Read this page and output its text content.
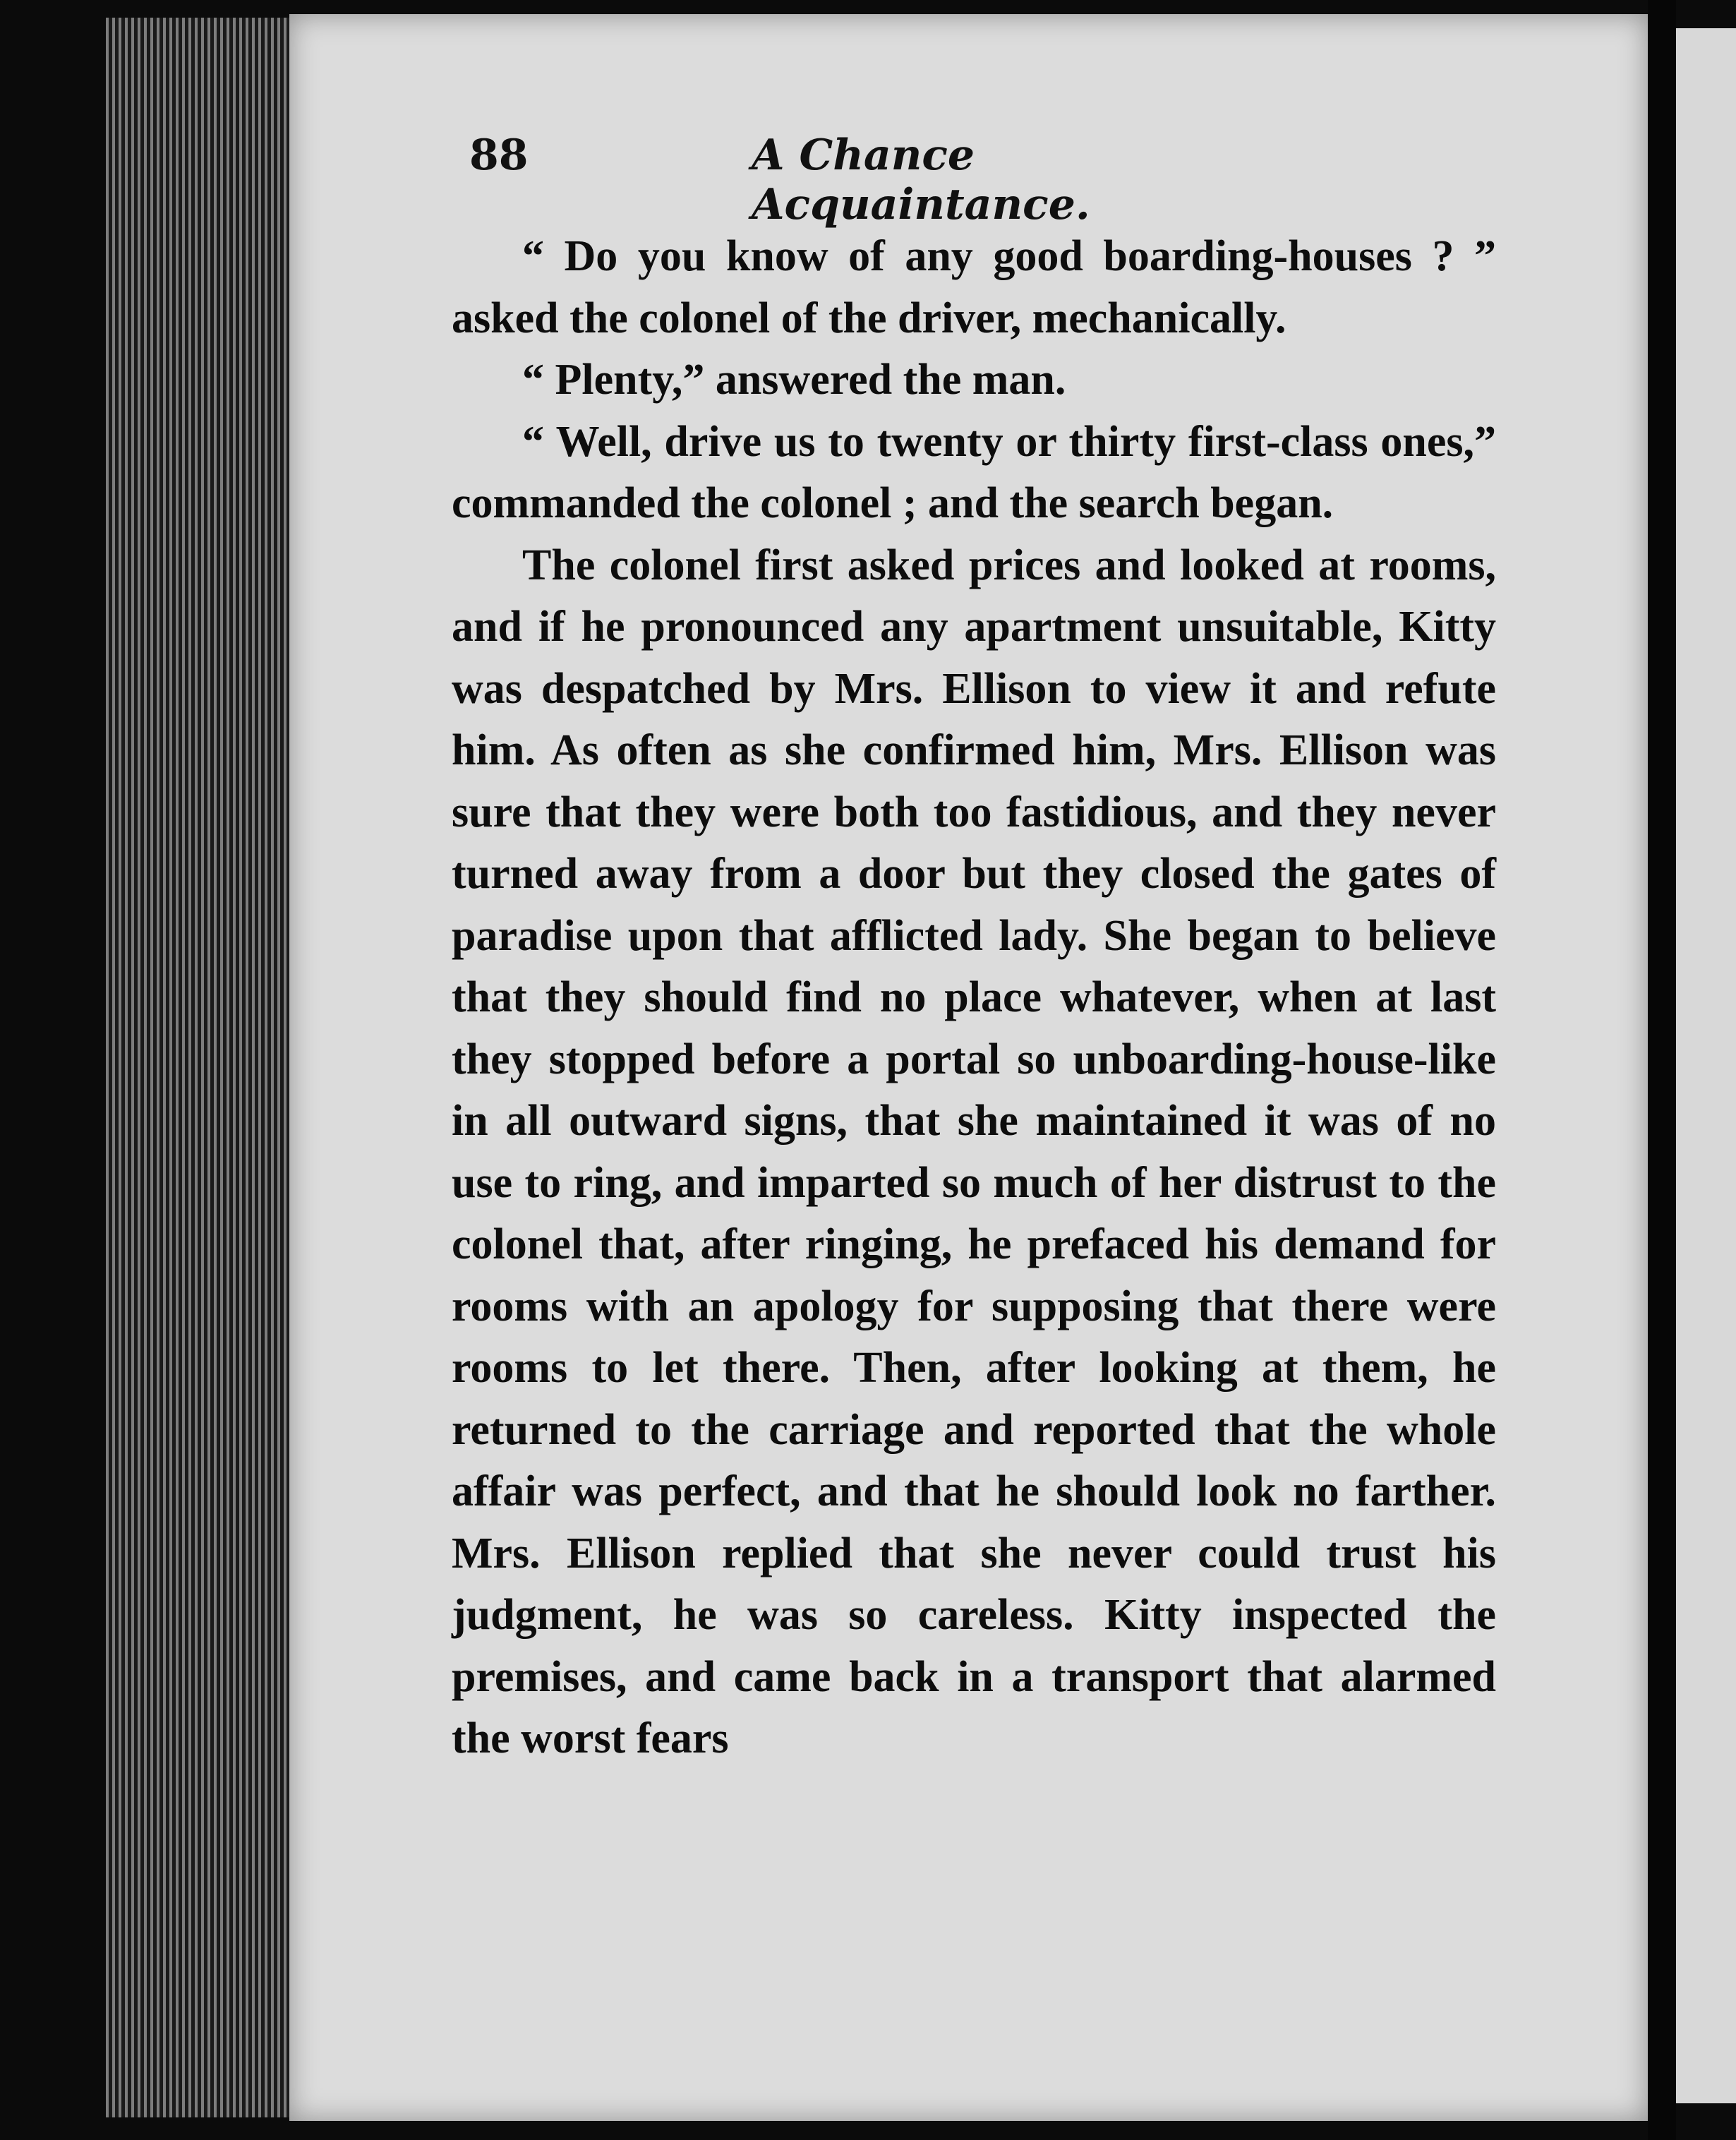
88	A Chance Acquaintance.

“ Do you know of any good boarding-houses ? ” asked the colonel of the driver, mechanically.

“ Plenty,” answered the man.

“ Well, drive us to twenty or thirty first-class ones,” commanded the colonel ; and the search began.

The colonel first asked prices and looked at rooms, and if he pronounced any apartment unsuitable, Kitty was despatched by Mrs. Ellison to view it and refute him. As often as she confirmed him, Mrs. Ellison was sure that they were both too fastidious, and they never turned away from a door but they closed the gates of paradise upon that afflicted lady. She began to believe that they should find no place whatever, when at last they stopped before a portal so unboarding-house-like in all outward signs, that she maintained it was of no use to ring, and imparted so much of her distrust to the colonel that, after ringing, he prefaced his demand for rooms with an apology for supposing that there were rooms to let there. Then, after looking at them, he returned to the carriage and reported that the whole affair was perfect, and that he should look no farther. Mrs. Ellison replied that she never could trust his judgment, he was so careless. Kitty inspected the premises, and came back in a transport that alarmed the worst fears
